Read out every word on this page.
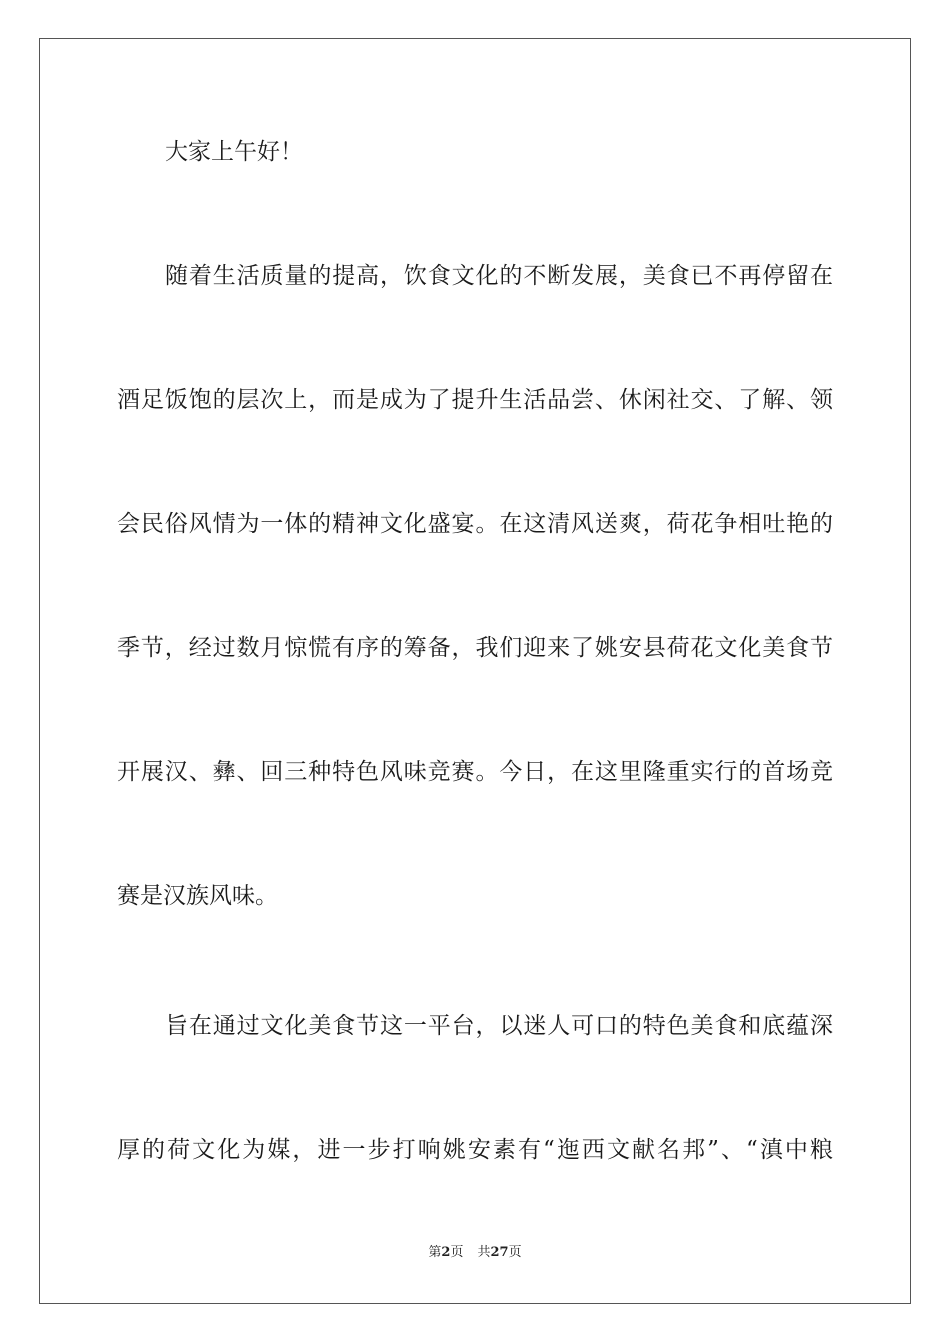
大家上午好！
随着生活质量的提高，饮食文化的不断发展，美食已不再停留在
酒足饭饱的层次上，而是成为了提升生活品尝、休闲社交、了解、领
会民俗风情为一体的精神文化盛宴。在这清风送爽，荷花争相吐艳的
季节，经过数月惊慌有序的筹备，我们迎来了姚安县荷花文化美食节
开展汉、彝、回三种特色风味竞赛。今日，在这里隆重实行的首场竞
赛是汉族风味。
旨在通过文化美食节这一平台，以迷人可口的特色美食和底蕴深
厚的荷文化为媒，进一步打响姚安素有“迤西文献名邦”、“滇中粮
第2页 共27页
